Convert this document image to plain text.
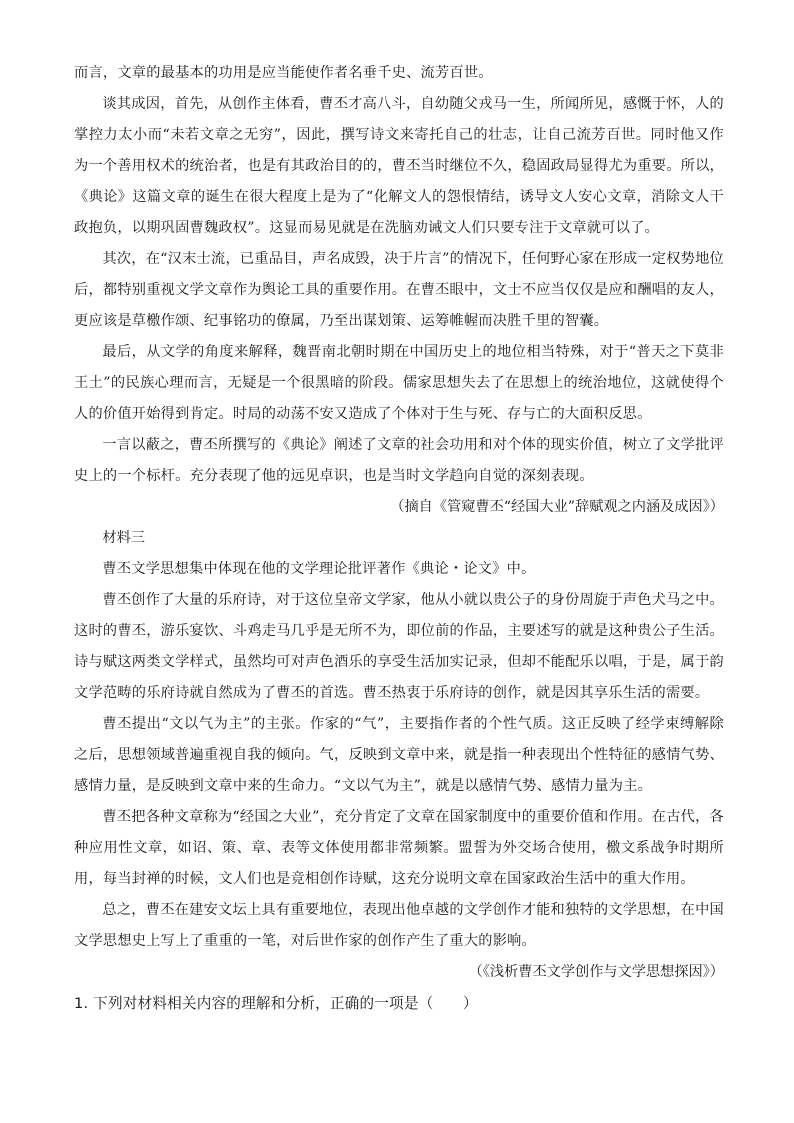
而言，文章的最基本的功用是应当能使作者名垂千史、流芳百世。

谈其成因，首先，从创作主体看，曹丕才高八斗，自幼随父戎马一生，所闻所见，感慨于怀，人的掌控力太小而“未若文章之无穷”，因此，撰写诗文来寄托自己的壮志，让自己流芳百世。同时他又作为一个善用权术的统治者，也是有其政治目的的，曹丕当时继位不久，稳固政局显得尤为重要。所以，《典论》这篇文章的诞生在很大程度上是为了“化解文人的怨恨情结，诱导文人安心文章，消除文人干政抱负，以期巩固曹魏政权”。这显而易见就是在洗脑劝诫文人们只要专注于文章就可以了。

其次，在“汉末士流，已重品目，声名成毁，决于片言”的情况下，任何野心家在形成一定权势地位后，都特别重视文学文章作为舆论工具的重要作用。在曹丕眼中，文士不应当仅仅是应和酬唱的友人，更应该是草檄作颂、纪事铭功的僚属，乃至出谋划策、运筹帷幄而决胜千里的智囊。

最后，从文学的角度来解释，魏晋南北朝时期在中国历史上的地位相当特殊，对于“普天之下莫非王土”的民族心理而言，无疑是一个很黑暗的阶段。儒家思想失去了在思想上的统治地位，这就使得个人的价值开始得到肯定。时局的动荡不安又造成了个体对于生与死、存与亡的大面积反思。

一言以蔽之，曹丕所撰写的《典论》阐述了文章的社会功用和对个体的现实价值，树立了文学批评史上的一个标杆。充分表现了他的远见卓识，也是当时文学趋向自觉的深刻表现。

（摘自《管窥曹丕“经国大业”辞赋观之内涵及成因》）

材料三

曹丕文学思想集中体现在他的文学理论批评著作《典论・论文》中。

曹丕创作了大量的乐府诗，对于这位皇帝文学家，他从小就以贵公子的身份周旋于声色犬马之中。这时的曹丕，游乐宴饮、斗鸡走马几乎是无所不为，即位前的作品，主要述写的就是这种贵公子生活。诗与赋这两类文学样式，虽然均可对声色酒乐的享受生活加实记录，但却不能配乐以唱，于是，属于韵文学范畴的乐府诗就自然成为了曹丕的首选。曹丕热衷于乐府诗的创作，就是因其享乐生活的需要。

曹丕提出“文以气为主”的主张。作家的“气”，主要指作者的个性气质。这正反映了经学束缚解除之后，思想领域普遍重视自我的倾向。气，反映到文章中来，就是指一种表现出个性特征的感情气势、感情力量，是反映到文章中来的生命力。“文以气为主”，就是以感情气势、感情力量为主。

曹丕把各种文章称为“经国之大业”，充分肯定了文章在国家制度中的重要价值和作用。在古代，各种应用性文章，如诏、策、章、表等文体使用都非常频繁。盟誓为外交场合使用，檄文系战争时期所用，每当封禅的时候，文人们也是竞相创作诗赋，这充分说明文章在国家政治生活中的重大作用。

总之，曹丕在建安文坛上具有重要地位，表现出他卓越的文学创作才能和独特的文学思想，在中国文学思想史上写上了重重的一笔，对后世作家的创作产生了重大的影响。

（《浅析曹丕文学创作与文学思想探因》）

1. 下列对材料相关内容的理解和分析，正确的一项是（　　）
